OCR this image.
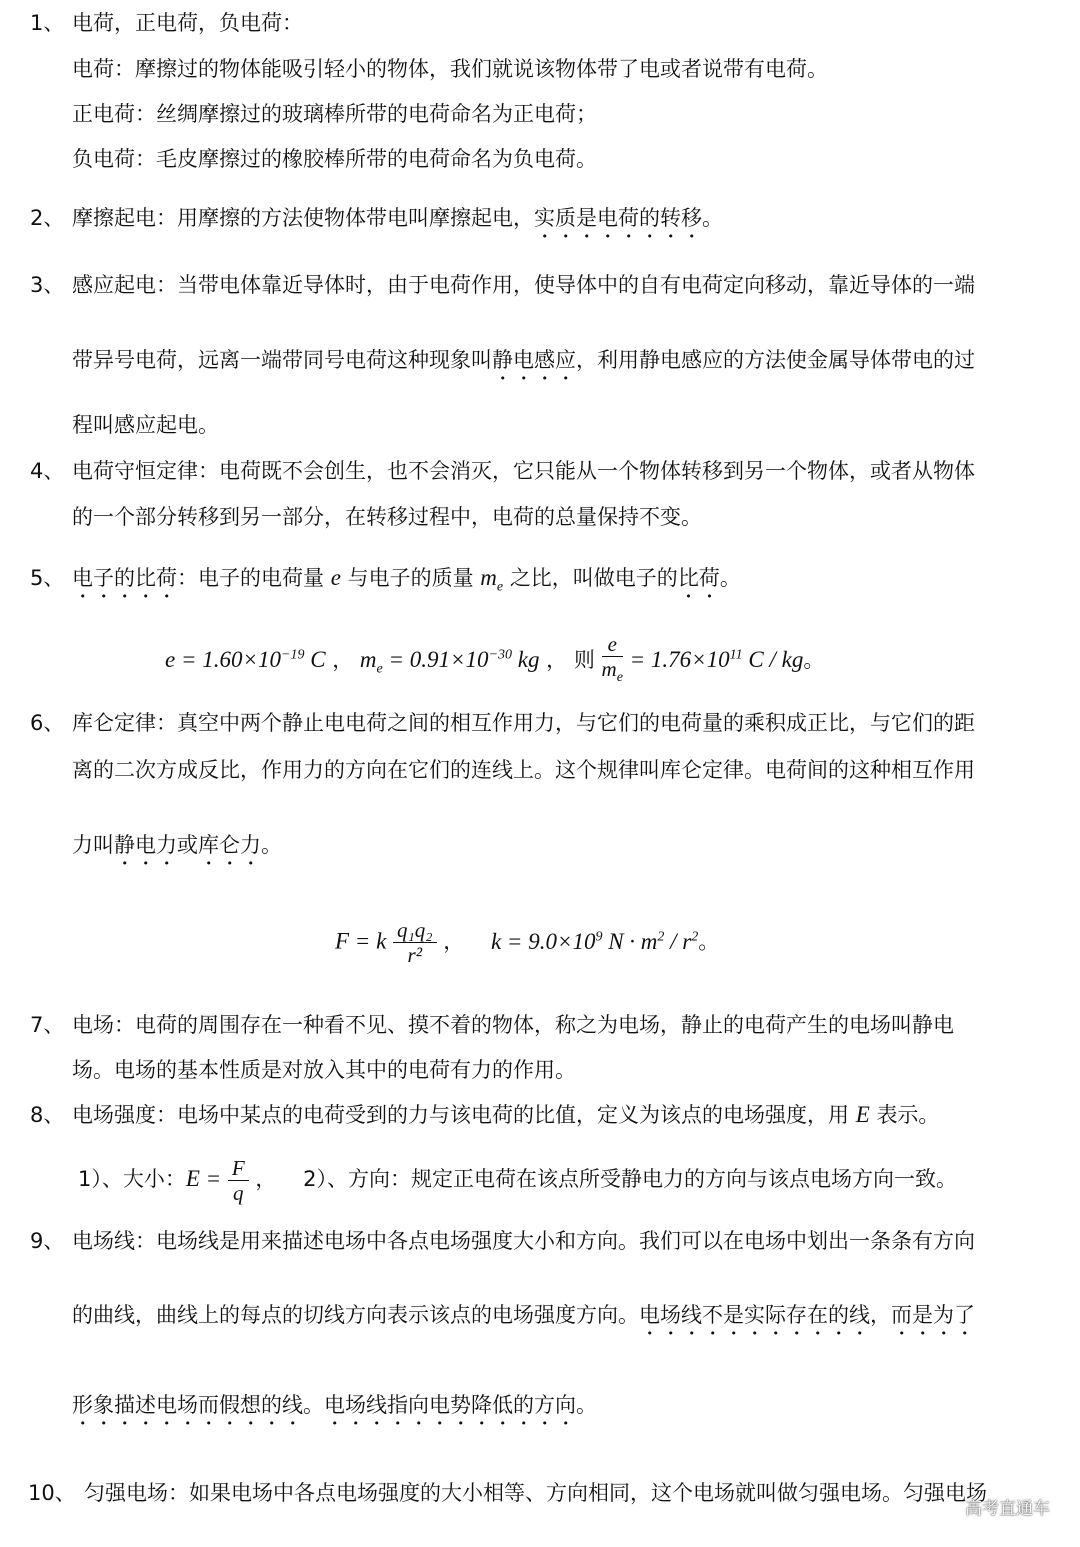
1、 电荷，正电荷，负电荷：
电荷：摩擦过的物体能吸引轻小的物体，我们就说该物体带了电或者说带有电荷。
正电荷：丝绸摩擦过的玻璃棒所带的电荷命名为正电荷；
负电荷：毛皮摩擦过的橡胶棒所带的电荷命名为负电荷。
2、 摩擦起电：用摩擦的方法使物体带电叫摩擦起电，实质是电荷的转移。
3、 感应起电：当带电体靠近导体时，由于电荷作用，使导体中的自有电荷定向移动，靠近导体的一端
带异号电荷，远离一端带同号电荷这种现象叫静电感应，利用静电感应的方法使金属导体带电的过
程叫感应起电。
4、 电荷守恒定律：电荷既不会创生，也不会消灭，它只能从一个物体转移到另一个物体，或者从物体
的一个部分转移到另一部分，在转移过程中，电荷的总量保持不变。
5、 电子的比荷：电子的电荷量 e 与电子的质量 $m_e$ 之比，叫做电子的比荷。
$e = 1.60\times 10^{-19}$ C ， $m_e = 0.91\times 10^{-30}$ kg ， 则 $\frac{e}{m_e} = 1.76\times 10^{11}$ C / kg。
6、 库仑定律：真空中两个静止电电荷之间的相互作用力，与它们的电荷量的乘积成正比，与它们的距
离的二次方成反比，作用力的方向在它们的连线上。这个规律叫库仑定律。电荷间的这种相互作用
力叫静电力或库仑力。
F = k $\frac{\text{q₁q₂}}{\text{r²}}$ ， $k = 9.0\times 10^9$ $N \cdot m^2 / r^2$。
7、 电场：电荷的周围存在一种看不见、摸不着的物体，称之为电场，静止的电荷产生的电场叫静电
场。电场的基本性质是对放入其中的电荷有力的作用。
8、 电场强度：电场中某点的电荷受到的力与该电荷的比值，定义为该点的电场强度，用 E 表示。
1）、大小：$E = \frac{F}{q}$ ， 2）、方向：规定正电荷在该点所受静电力的方向与该点电场方向一致。
9、 电场线：电场线是用来描述电场中各点电场强度大小和方向。我们可以在电场中划出一条条有方向
的曲线，曲线上的每点的切线方向表示该点的电场强度方向。电场线不是实际存在的线，而是为了
形象描述电场而假想的线。电场线指向电势降低的方向。
10、 匀强电场：如果电场中各点电场强度的大小相等、方向相同，这个电场就叫做匀强电场。匀强电场
高考直通车
